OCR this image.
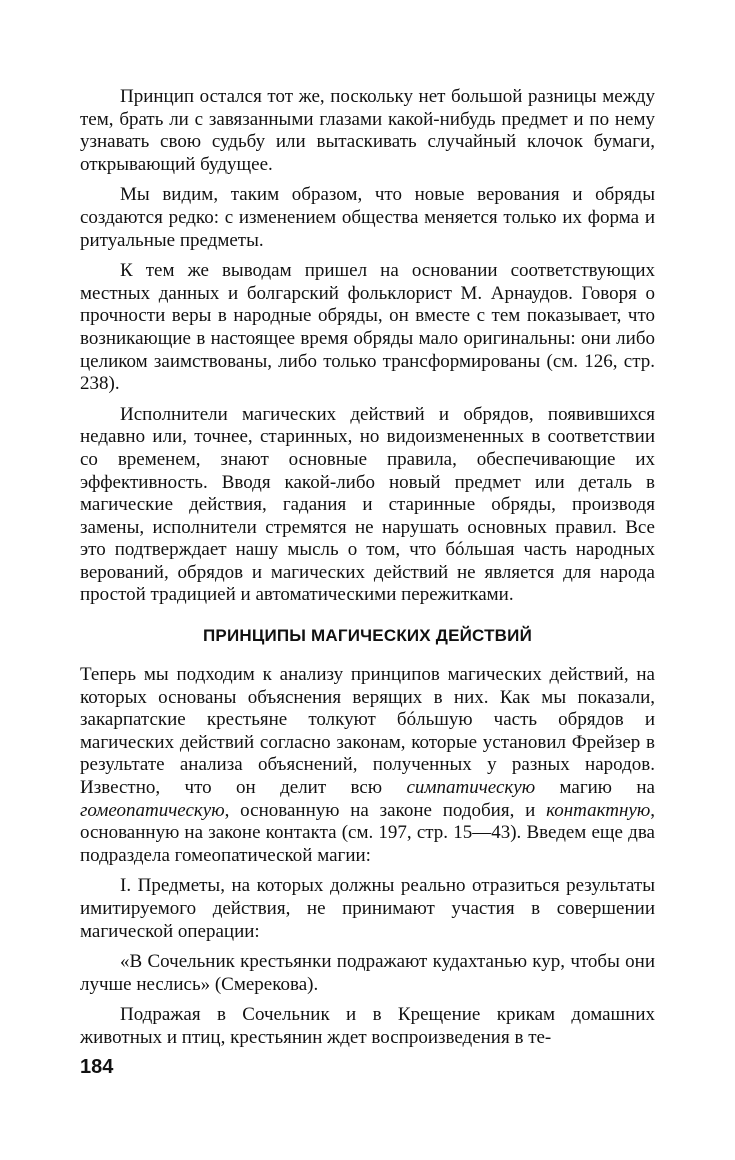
Принцип остался тот же, поскольку нет большой разницы между тем, брать ли с завязанными глазами какой-нибудь предмет и по нему узнавать свою судьбу или вытаскивать случайный клочок бумаги, открывающий будущее.

Мы видим, таким образом, что новые верования и обряды создаются редко: с изменением общества меняется только их форма и ритуальные предметы.

К тем же выводам пришел на основании соответствующих местных данных и болгарский фольклорист М. Арнаудов. Говоря о прочности веры в народные обряды, он вместе с тем показывает, что возникающие в настоящее время обряды мало оригинальны: они либо целиком заимствованы, либо только трансформированы (см. 126, стр. 238).

Исполнители магических действий и обрядов, появившихся недавно или, точнее, старинных, но видоизмененных в соответствии со временем, знают основные правила, обеспечивающие их эффективность. Вводя какой-либо новый предмет или деталь в магические действия, гадания и старинные обряды, производя замены, исполнители стремятся не нарушать основных правил. Все это подтверждает нашу мысль о том, что бóльшая часть народных верований, обрядов и магических действий не является для народа простой традицией и автоматическими пережитками.

ПРИНЦИПЫ МАГИЧЕСКИХ ДЕЙСТВИЙ

Теперь мы подходим к анализу принципов магических действий, на которых основаны объяснения верящих в них. Как мы показали, закарпатские крестьяне толкуют бóльшую часть обрядов и магических действий согласно законам, которые установил Фрейзер в результате анализа объяснений, полученных у разных народов. Известно, что он делит всю симпатическую магию на гомеопатическую, основанную на законе подобия, и контактную, основанную на законе контакта (см. 197, стр. 15—43). Введем еще два подраздела гомеопатической магии:

I. Предметы, на которых должны реально отразиться результаты имитируемого действия, не принимают участия в совершении магической операции:

«В Сочельник крестьянки подражают кудахтанью кур, чтобы они лучше неслись» (Смерекова).

Подражая в Сочельник и в Крещение крикам домашних животных и птиц, крестьянин ждет воспроизведения в те-

184
